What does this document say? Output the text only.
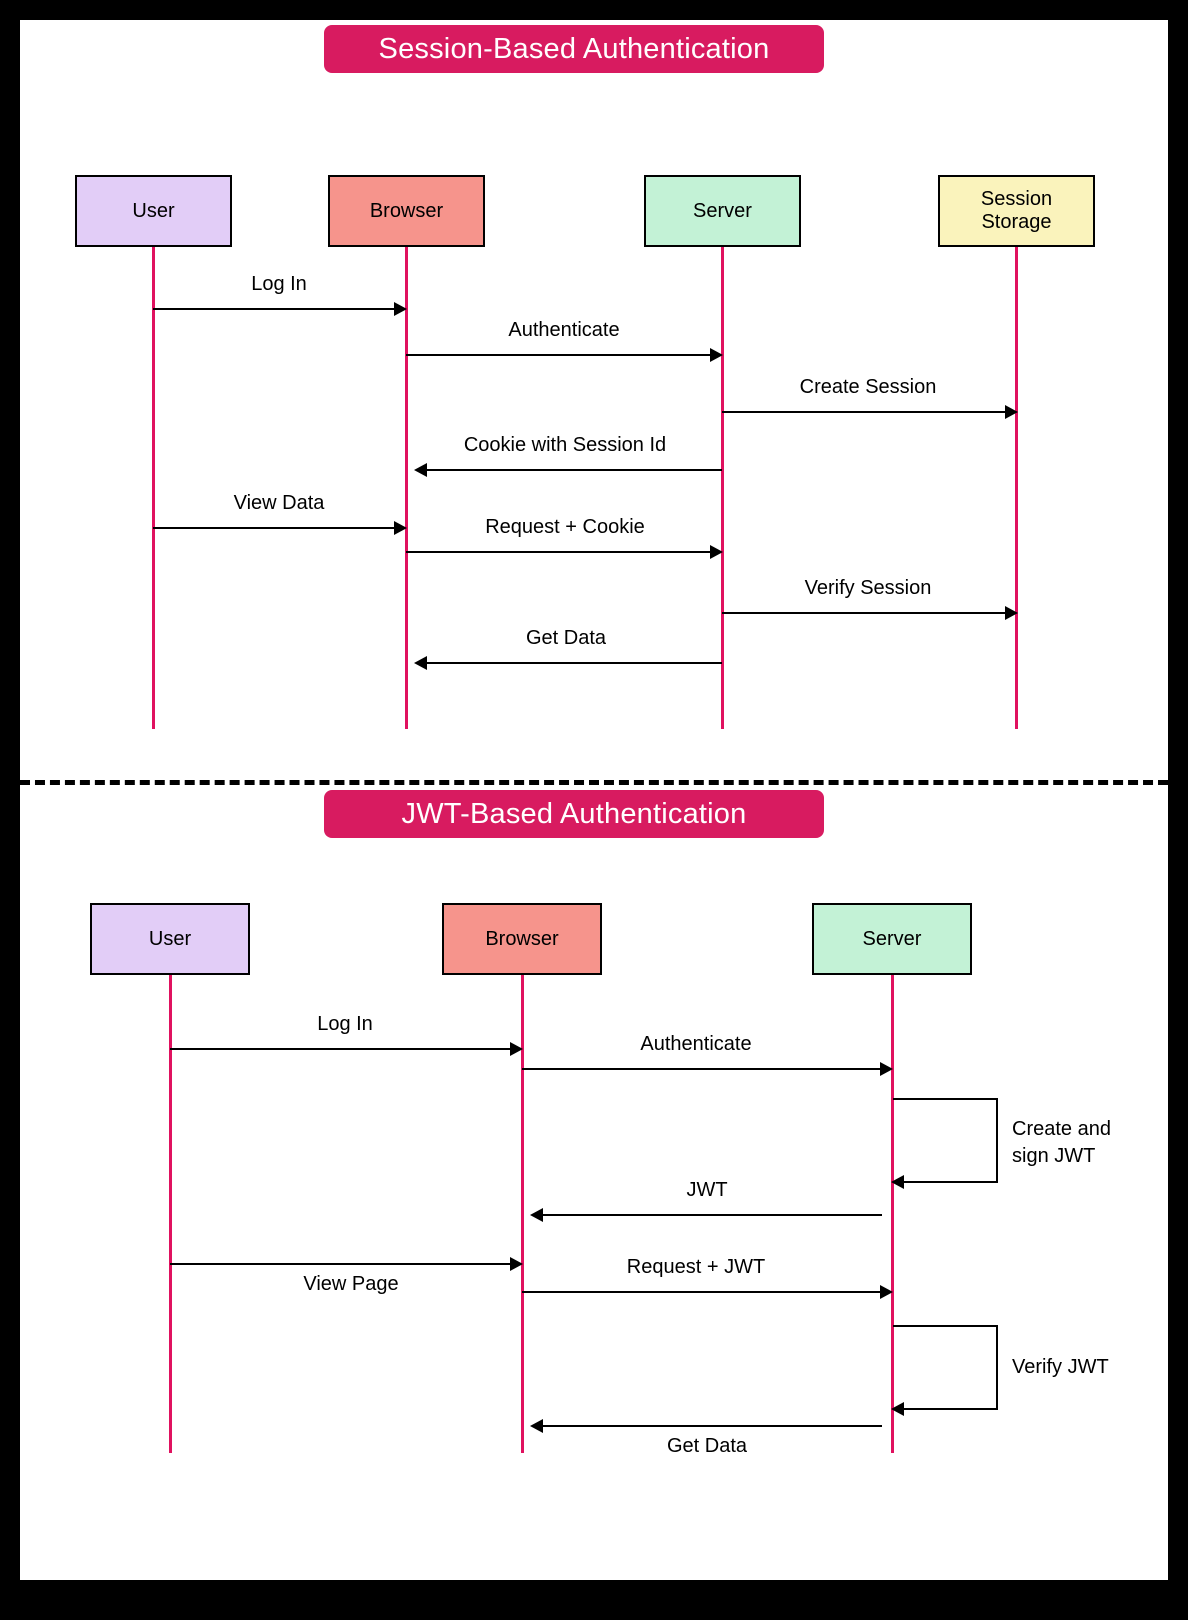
Session-Based Authentication
User	Browser	Server
Session
Storage
Log In
Authenticate
Create Session
Cookie with Session Id
View Data
Request + Cookie
Verify Session
Get Data
JWT-Based Authentication
User	Browser	Server
Log In
Authenticate
Create and
sign JWT
JWT
View Page
Request + JWT
Verify JWT
Get Data
